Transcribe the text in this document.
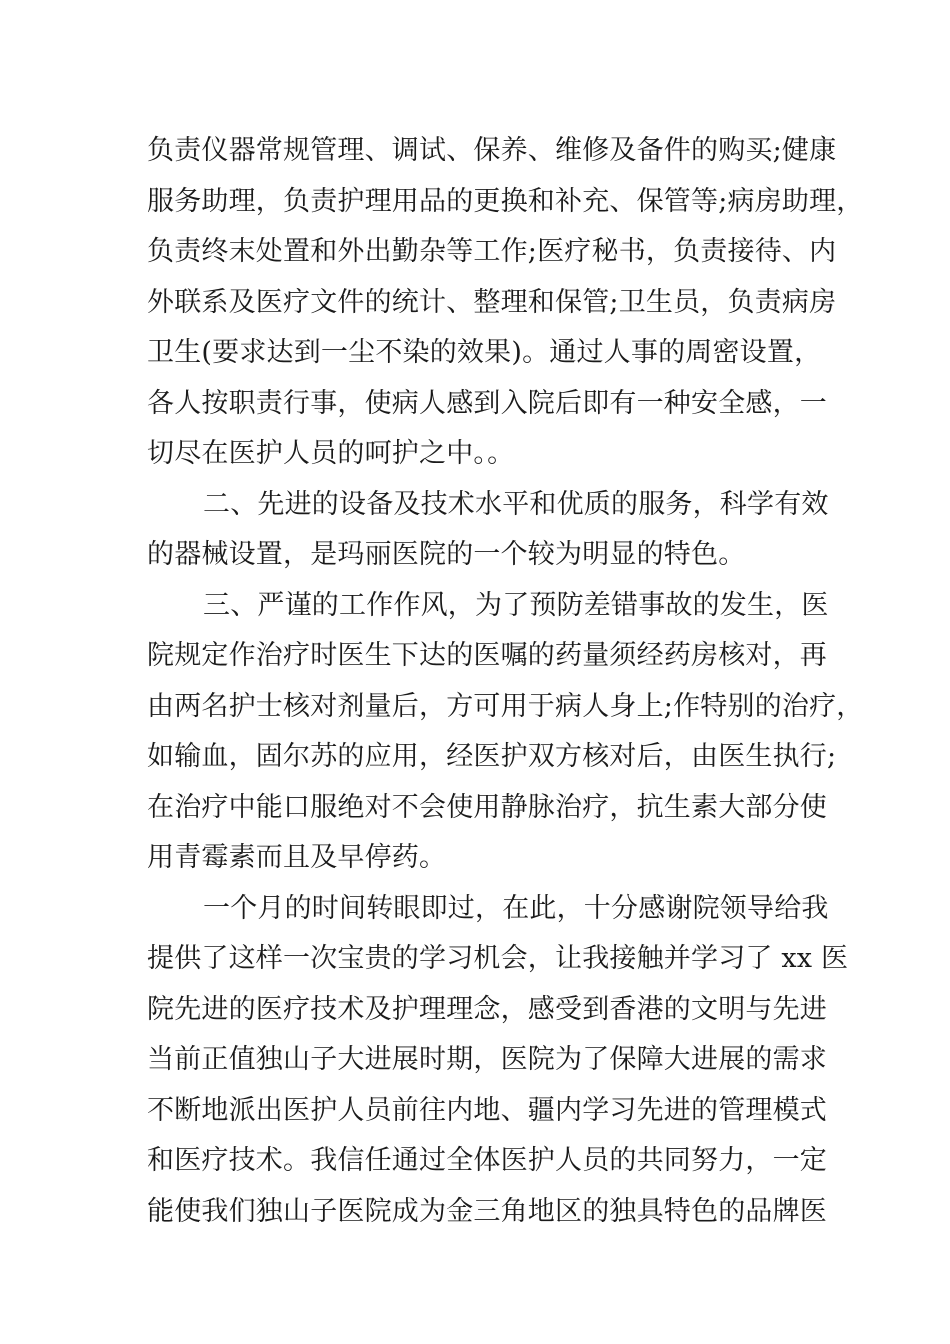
负责仪器常规管理、调试、保养、维修及备件的购买;健康
服务助理，负责护理用品的更换和补充、保管等;病房助理，
负责终末处置和外出勤杂等工作;医疗秘书，负责接待、内
外联系及医疗文件的统计、整理和保管;卫生员，负责病房
卫生(要求达到一尘不染的效果)。通过人事的周密设置，
各人按职责行事，使病人感到入院后即有一种安全感，一
切尽在医护人员的呵护之中。。
二、先进的设备及技术水平和优质的服务，科学有效
的器械设置，是玛丽医院的一个较为明显的特色。
三、严谨的工作作风，为了预防差错事故的发生，医
院规定作治疗时医生下达的医嘱的药量须经药房核对，再
由两名护士核对剂量后，方可用于病人身上;作特别的治疗，
如输血，固尔苏的应用，经医护双方核对后，由医生执行;
在治疗中能口服绝对不会使用静脉治疗，抗生素大部分使
用青霉素而且及早停药。
一个月的时间转眼即过，在此，十分感谢院领导给我
提供了这样一次宝贵的学习机会，让我接触并学习了 xx 医
院先进的医疗技术及护理理念，感受到香港的文明与先进
当前正值独山子大进展时期，医院为了保障大进展的需求
不断地派出医护人员前往内地、疆内学习先进的管理模式
和医疗技术。我信任通过全体医护人员的共同努力，一定
能使我们独山子医院成为金三角地区的独具特色的品牌医
